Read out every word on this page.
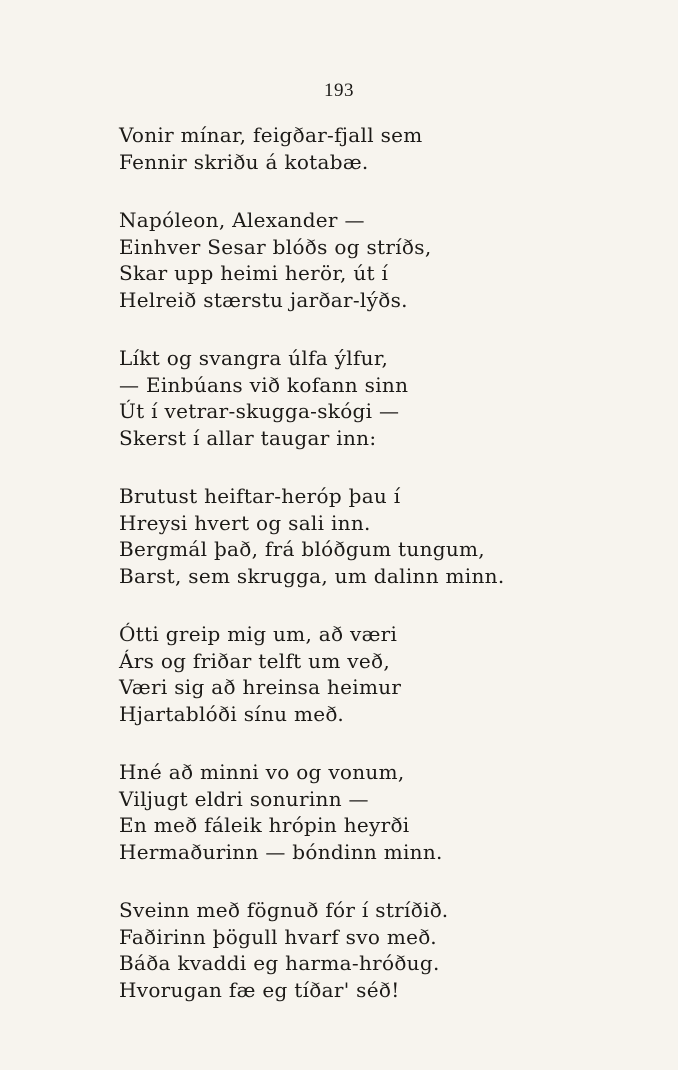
193
Vonir mínar, feigðar-fjall sem
Fennir skriðu á kotabæ.
Napóleon, Alexander —
Einhver Sesar blóðs og stríðs,
Skar upp heimi herör, út í
Helreið stærstu jarðar-lýðs.
Líkt og svangra úlfa ýlfur,
— Einbúans við kofann sinn
Út í vetrar-skugga-skógi —
Skerst í allar taugar inn:
Brutust heiftar-heróp þau í
Hreysi hvert og sali inn.
Bergmál það, frá blóðgum tungum,
Barst, sem skrugga, um dalinn minn.
Ótti greip mig um, að væri
Árs og friðar telft um veð,
Væri sig að hreinsa heimur
Hjartablóði sínu með.
Hné að minni vo og vonum,
Viljugt eldri sonurinn —
En með fáleik hrópin heyrði
Hermaðurinn — bóndinn minn.
Sveinn með fögnuð fór í stríðið.
Faðirinn þögull hvarf svo með.
Báða kvaddi eg harma-hróðug.
Hvorugan fæ eg tíðar' séð!
